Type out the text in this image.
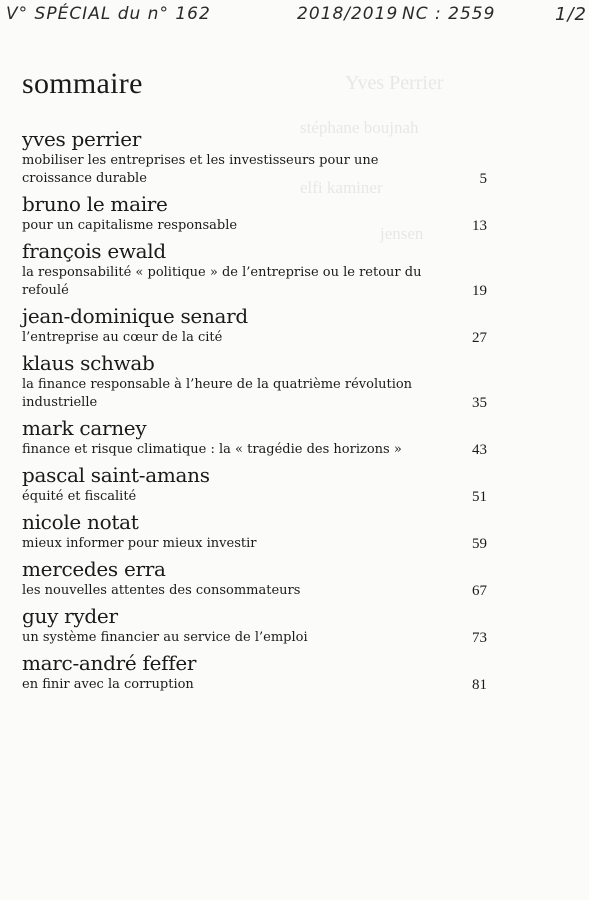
Yves Perrier
stéphane boujnah
elfi kaminer
jensen
V° SPÉCIAL du n° 162	2018/2019 NC : 2559	1/2
sommaire
yves perrier
mobiliser les entreprises et les investisseurs pour une croissance durable	5
bruno le maire
pour un capitalisme responsable	13
françois ewald
la responsabilité « politique » de l’entreprise ou le retour du refoulé	19
jean-dominique senard
l’entreprise au cœur de la cité	27
klaus schwab
la finance responsable à l’heure de la quatrième révolution industrielle	35
mark carney
finance et risque climatique : la « tragédie des horizons »	43
pascal saint-amans
équité et fiscalité	51
nicole notat
mieux informer pour mieux investir	59
mercedes erra
les nouvelles attentes des consommateurs	67
guy ryder
un système financier au service de l’emploi	73
marc-andré feffer
en finir avec la corruption	81
